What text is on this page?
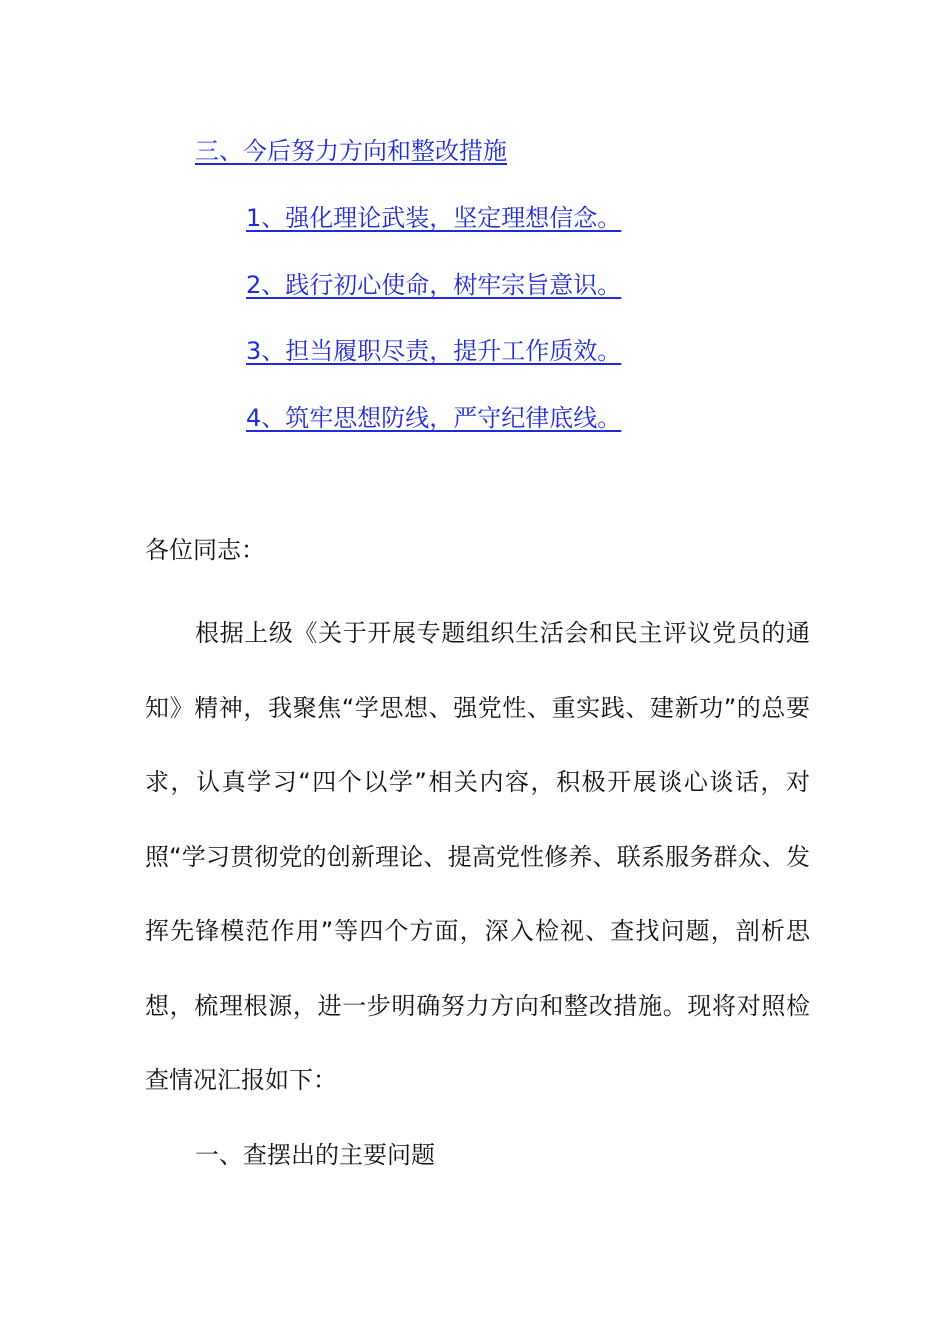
三、今后努力方向和整改措施
1、强化理论武装，坚定理想信念。
2、践行初心使命，树牢宗旨意识。
3、担当履职尽责，提升工作质效。
4、筑牢思想防线，严守纪律底线。
各位同志：

根据上级《关于开展专题组织生活会和民主评议党员的通知》精神，我聚焦“学思想、强党性、重实践、建新功”的总要求，认真学习“四个以学”相关内容，积极开展谈心谈话，对照“学习贯彻党的创新理论、提高党性修养、联系服务群众、发挥先锋模范作用”等四个方面，深入检视、查找问题，剖析思想，梳理根源，进一步明确努力方向和整改措施。现将对照检查情况汇报如下：

一、查摆出的主要问题
